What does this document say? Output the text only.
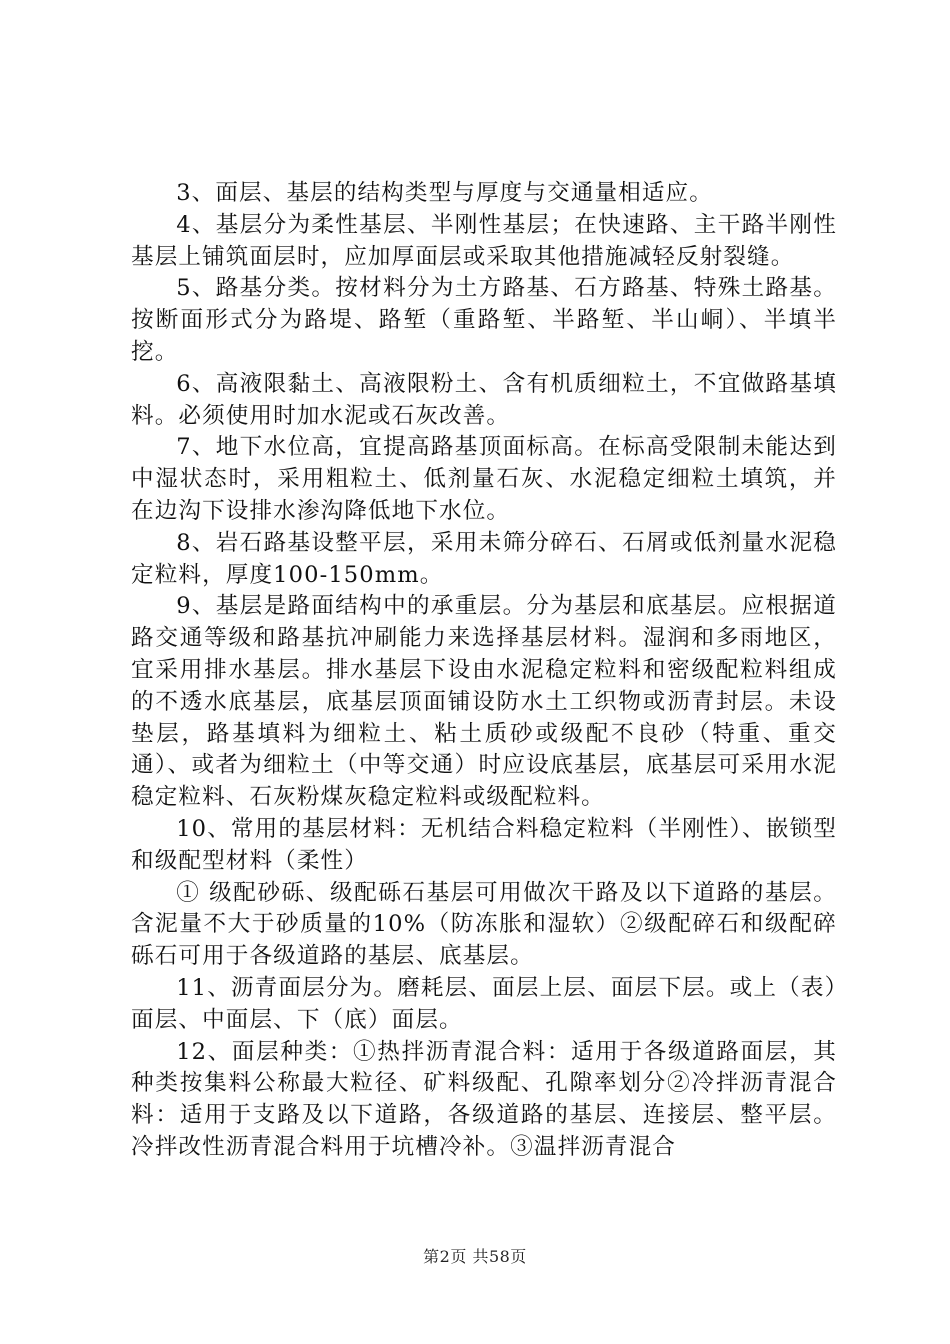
3、面层、基层的结构类型与厚度与交通量相适应。

4、基层分为柔性基层、半刚性基层；在快速路、主干路半刚性基层上铺筑面层时，应加厚面层或采取其他措施减轻反射裂缝。

5、路基分类。按材料分为土方路基、石方路基、特殊土路基。按断面形式分为路堤、路堑（重路堑、半路堑、半山峒）、半填半挖。

6、高液限黏土、高液限粉土、含有机质细粒土，不宜做路基填料。必须使用时加水泥或石灰改善。

7、地下水位高，宜提高路基顶面标高。在标高受限制未能达到中湿状态时，采用粗粒土、低剂量石灰、水泥稳定细粒土填筑，并在边沟下设排水渗沟降低地下水位。

8、岩石路基设整平层，采用未筛分碎石、石屑或低剂量水泥稳定粒料，厚度100-150mm。

9、基层是路面结构中的承重层。分为基层和底基层。应根据道路交通等级和路基抗冲刷能力来选择基层材料。湿润和多雨地区，宜采用排水基层。排水基层下设由水泥稳定粒料和密级配粒料组成的不透水底基层，底基层顶面铺设防水土工织物或沥青封层。未设垫层，路基填料为细粒土、粘土质砂或级配不良砂（特重、重交通）、或者为细粒土（中等交通）时应设底基层，底基层可采用水泥稳定粒料、石灰粉煤灰稳定粒料或级配粒料。

10、常用的基层材料：无机结合料稳定粒料（半刚性）、嵌锁型和级配型材料（柔性）

① 级配砂砾、级配砾石基层可用做次干路及以下道路的基层。含泥量不大于砂质量的10%（防冻胀和湿软）②级配碎石和级配碎砾石可用于各级道路的基层、底基层。

11、沥青面层分为。磨耗层、面层上层、面层下层。或上（表）面层、中面层、下（底）面层。

12、面层种类：①热拌沥青混合料：适用于各级道路面层，其种类按集料公称最大粒径、矿料级配、孔隙率划分②冷拌沥青混合料：适用于支路及以下道路，各级道路的基层、连接层、整平层。冷拌改性沥青混合料用于坑槽冷补。③温拌沥青混合

第2页 共58页
